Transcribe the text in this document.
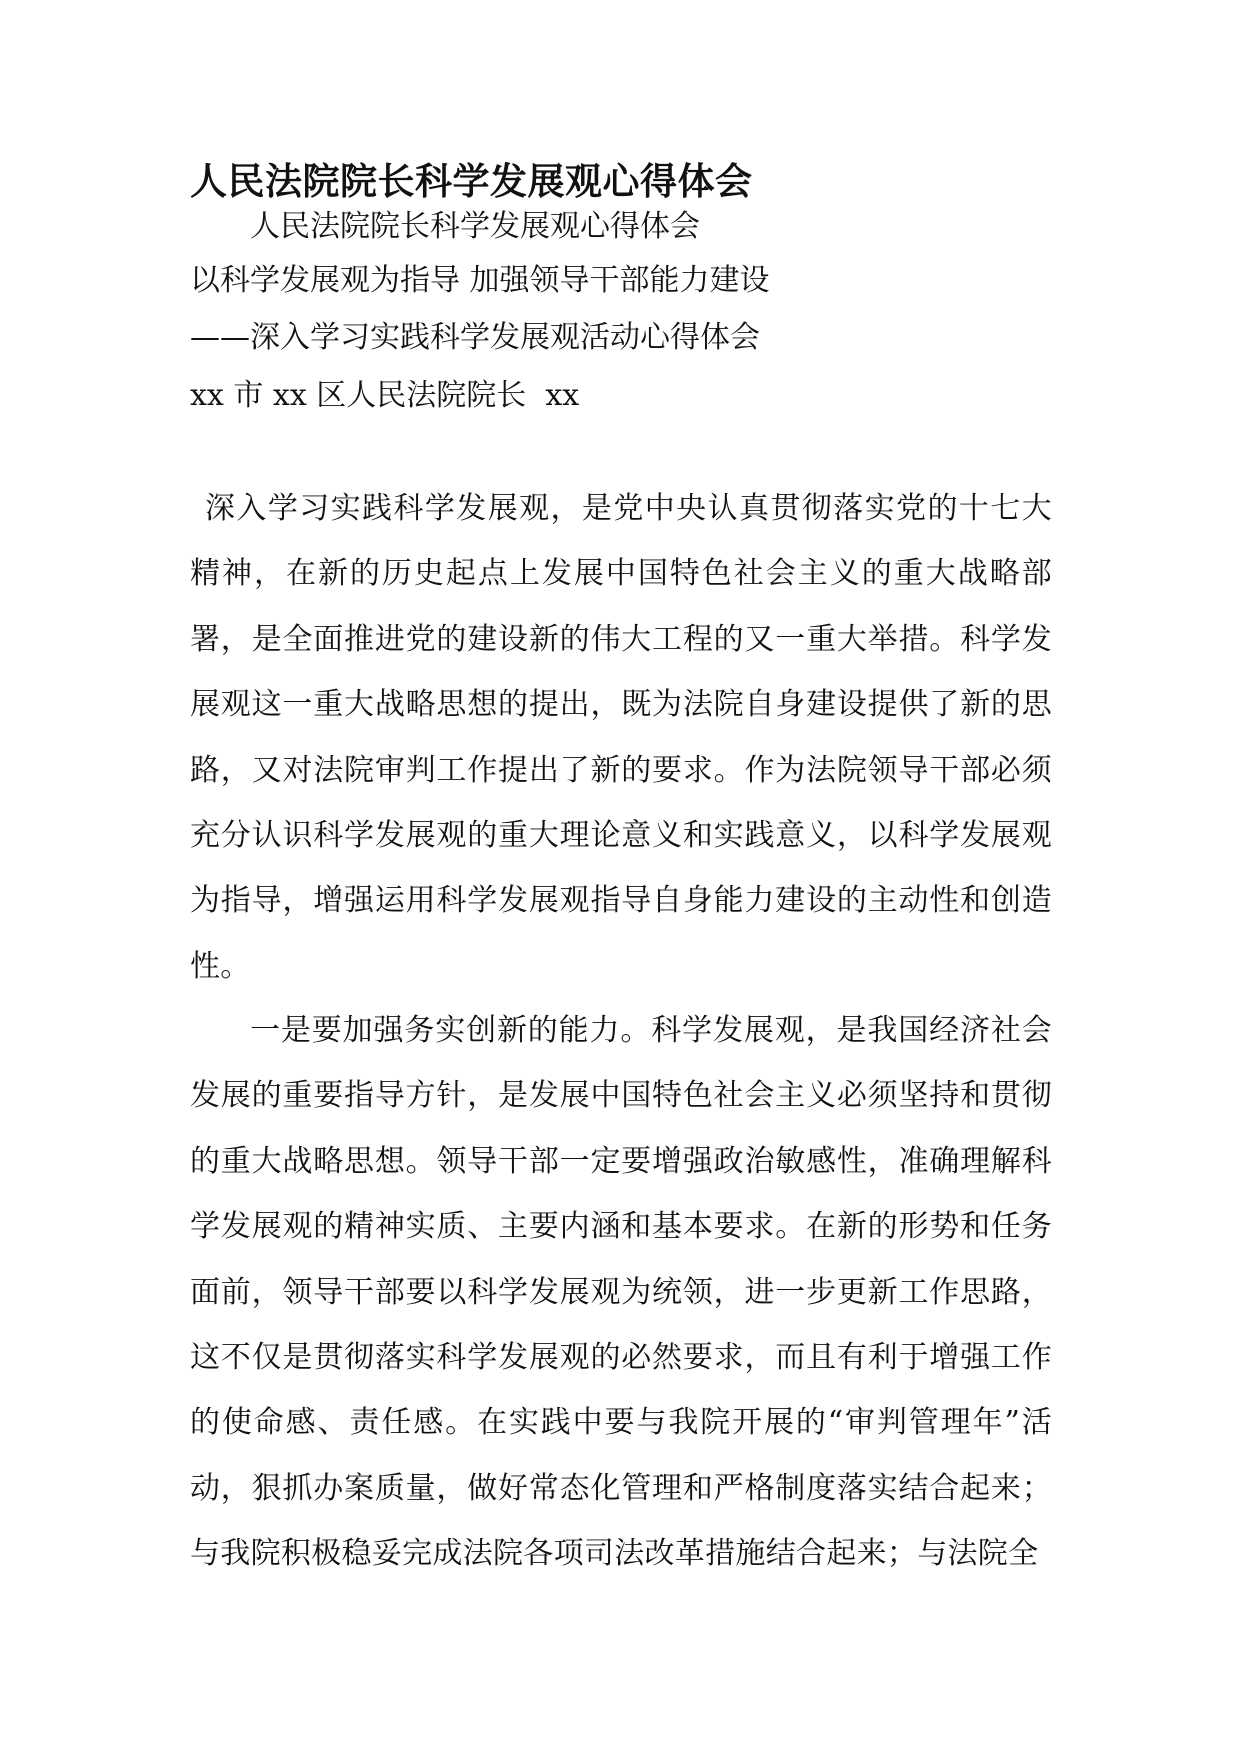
人民法院院长科学发展观心得体会

人民法院院长科学发展观心得体会

以科学发展观为指导 加强领导干部能力建设

——深入学习实践科学发展观活动心得体会

xx 市 xx 区人民法院院长  xx

深入学习实践科学发展观，是党中央认真贯彻落实党的十七大精神，在新的历史起点上发展中国特色社会主义的重大战略部署，是全面推进党的建设新的伟大工程的又一重大举措。科学发展观这一重大战略思想的提出，既为法院自身建设提供了新的思路，又对法院审判工作提出了新的要求。作为法院领导干部必须充分认识科学发展观的重大理论意义和实践意义，以科学发展观为指导，增强运用科学发展观指导自身能力建设的主动性和创造性。

一是要加强务实创新的能力。科学发展观，是我国经济社会发展的重要指导方针，是发展中国特色社会主义必须坚持和贯彻的重大战略思想。领导干部一定要增强政治敏感性，准确理解科学发展观的精神实质、主要内涵和基本要求。在新的形势和任务面前，领导干部要以科学发展观为统领，进一步更新工作思路，这不仅是贯彻落实科学发展观的必然要求，而且有利于增强工作的使命感、责任感。在实践中要与我院开展的“审判管理年”活动，狠抓办案质量，做好常态化管理和严格制度落实结合起来；与我院积极稳妥完成法院各项司法改革措施结合起来；与法院全
